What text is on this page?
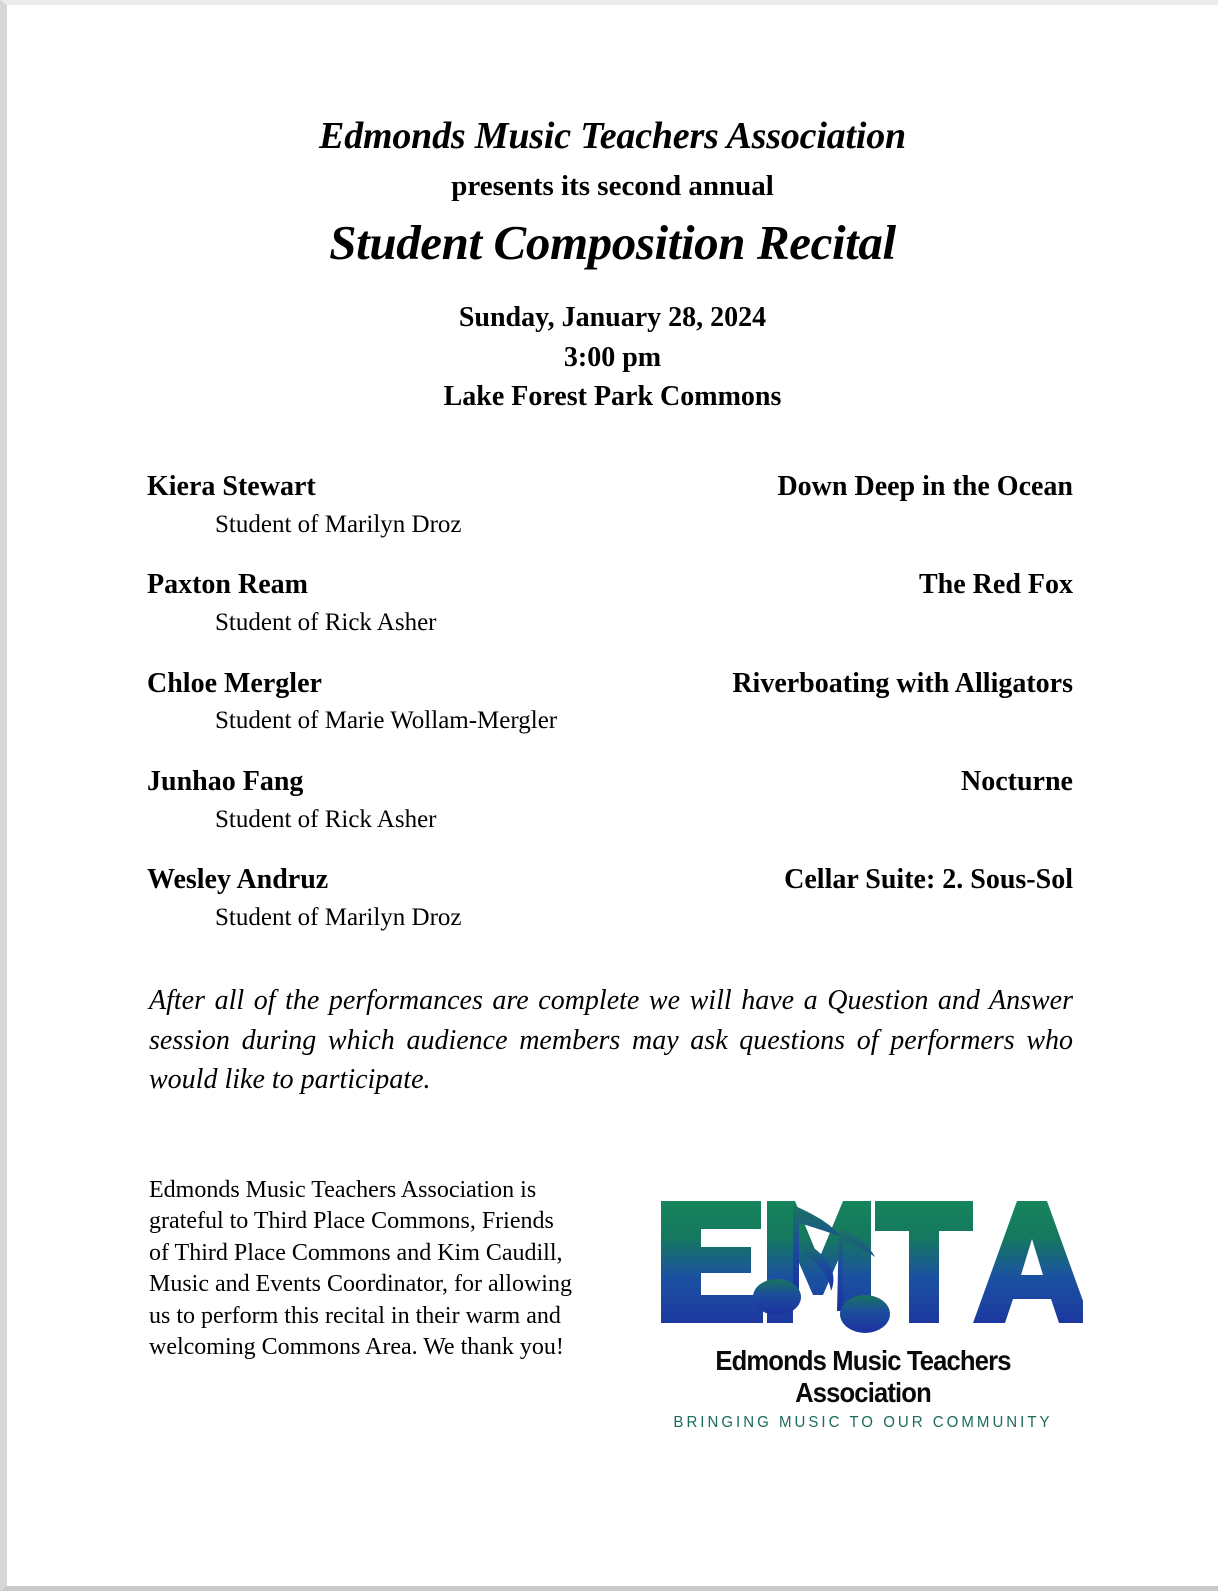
Edmonds Music Teachers Association
presents its second annual
Student Composition Recital
Sunday, January 28, 2024
3:00 pm
Lake Forest Park Commons
Kiera Stewart	Down Deep in the Ocean
Student of Marilyn Droz
Paxton Ream	The Red Fox
Student of Rick Asher
Chloe Mergler	Riverboating with Alligators
Student of Marie Wollam-Mergler
Junhao Fang	Nocturne
Student of Rick Asher
Wesley Andruz	Cellar Suite: 2. Sous-Sol
Student of Marilyn Droz
After all of the performances are complete we will have a Question and Answer session during which audience members may ask questions of performers who would like to participate.
Edmonds Music Teachers Association is grateful to Third Place Commons, Friends of Third Place Commons and Kim Caudill, Music and Events Coordinator, for allowing us to perform this recital in their warm and welcoming Commons Area. We thank you!	Edmonds Music Teachers Association
BRINGING MUSIC TO OUR COMMUNITY
